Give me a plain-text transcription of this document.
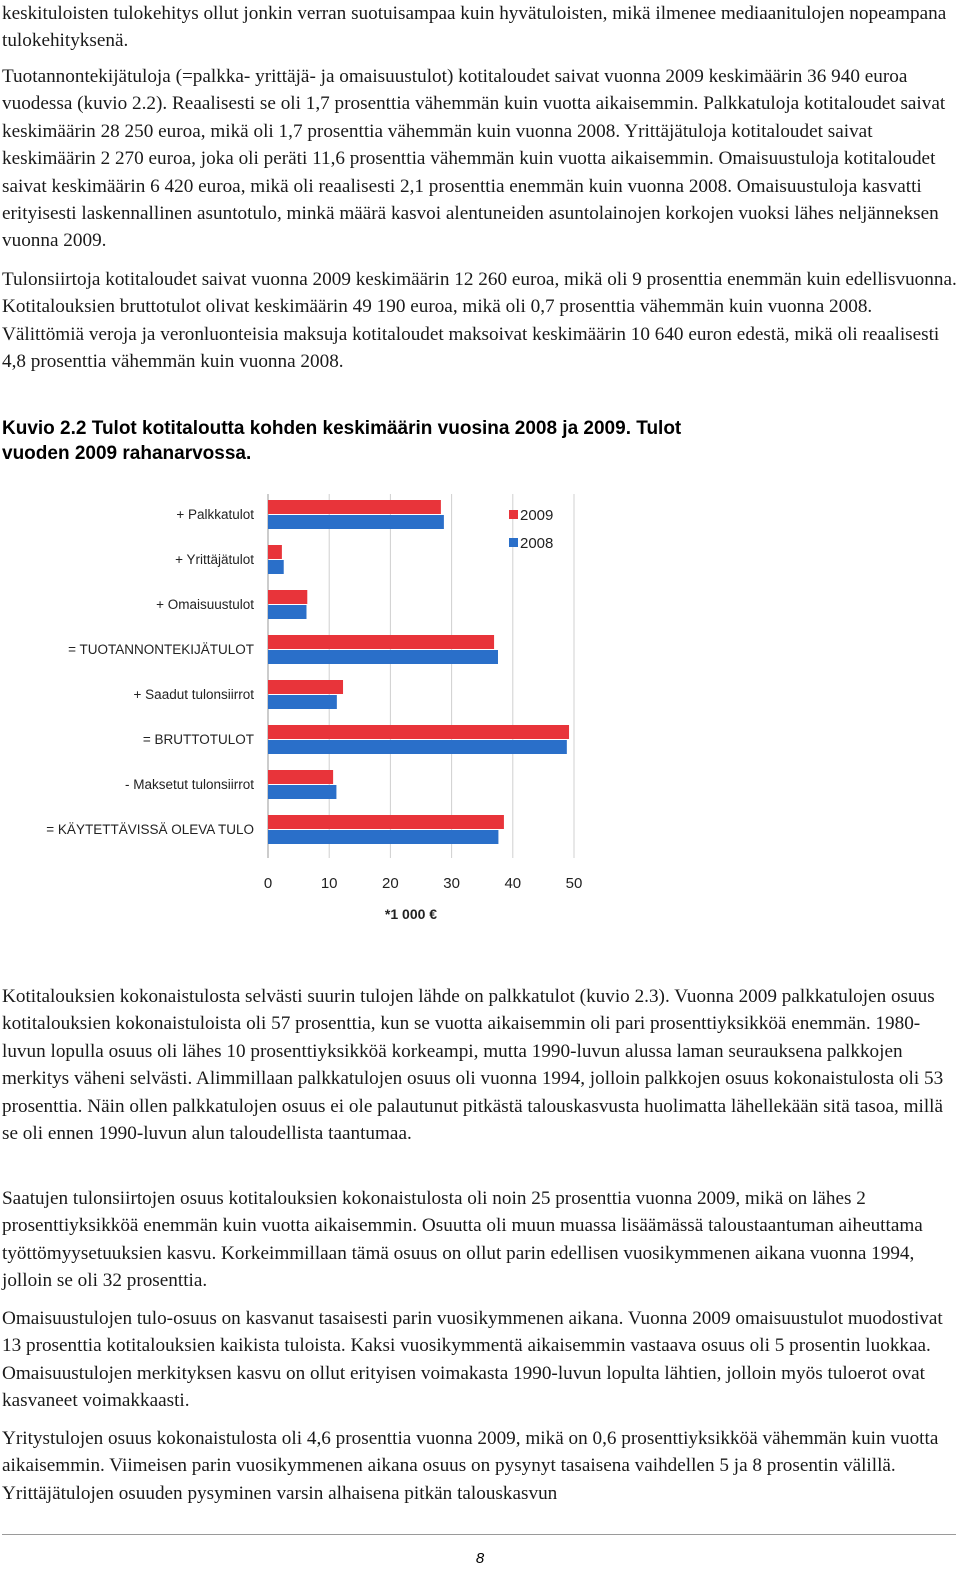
keskituloisten tulokehitys ollut jonkin verran suotuisampaa kuin hyvätuloisten, mikä ilmenee mediaanitulojen nopeampana tulokehityksenä.

Tuotannontekijätuloja (=palkka- yrittäjä- ja omaisuustulot) kotitaloudet saivat vuonna 2009 keskimäärin 36 940 euroa vuodessa (kuvio 2.2). Reaalisesti se oli 1,7 prosenttia vähemmän kuin vuotta aikaisemmin. Palkkatuloja kotitaloudet saivat keskimäärin 28 250 euroa, mikä oli 1,7 prosenttia vähemmän kuin vuonna 2008. Yrittäjätuloja kotitaloudet saivat keskimäärin 2 270 euroa, joka oli peräti 11,6 prosenttia vähemmän kuin vuotta aikaisemmin. Omaisuustuloja kotitaloudet saivat keskimäärin 6 420 euroa, mikä oli reaalisesti 2,1 prosenttia enemmän kuin vuonna 2008. Omaisuustuloja kasvatti erityisesti laskennallinen asuntotulo, minkä määrä kasvoi alentuneiden asuntolainojen korkojen vuoksi lähes neljänneksen vuonna 2009.

Tulonsiirtoja kotitaloudet saivat vuonna 2009 keskimäärin 12 260 euroa, mikä oli 9 prosenttia enemmän kuin edellisvuonna. Kotitalouksien bruttotulot olivat keskimäärin 49 190 euroa, mikä oli 0,7 prosenttia vähemmän kuin vuonna 2008. Välittömiä veroja ja veronluonteisia maksuja kotitaloudet maksoivat keskimäärin 10 640 euron edestä, mikä oli reaalisesti 4,8 prosenttia vähemmän kuin vuonna 2008.

Kuvio 2.2 Tulot kotitaloutta kohden keskimäärin vuosina 2008 ja 2009. Tulot vuoden 2009 rahanarvossa.

+ Palkkatulot
+ Yrittäjätulot
+ Omaisuustulot
= TUOTANNONTEKIJÄTULOT
+ Saadut tulonsiirrot
= BRUTTOTULOT
- Maksetut tulonsiirrot
= KÄYTETTÄVISSÄ OLEVA TULO
0	10	20	30	40	50
2009
2008
*1 000 €

Kotitalouksien kokonaistulosta selvästi suurin tulojen lähde on palkkatulot (kuvio 2.3). Vuonna 2009 palkkatulojen osuus kotitalouksien kokonaistuloista oli 57 prosenttia, kun se vuotta aikaisemmin oli pari prosenttiyksikköä enemmän. 1980-luvun lopulla osuus oli lähes 10 prosenttiyksikköä korkeampi, mutta 1990-luvun alussa laman seurauksena palkkojen merkitys väheni selvästi. Alimmillaan palkkatulojen osuus oli vuonna 1994, jolloin palkkojen osuus kokonaistulosta oli 53 prosenttia. Näin ollen palkkatulojen osuus ei ole palautunut pitkästä talouskasvusta huolimatta lähellekään sitä tasoa, millä se oli ennen 1990-luvun alun taloudellista taantumaa.

Saatujen tulonsiirtojen osuus kotitalouksien kokonaistulosta oli noin 25 prosenttia vuonna 2009, mikä on lähes 2 prosenttiyksikköä enemmän kuin vuotta aikaisemmin. Osuutta oli muun muassa lisäämässä taloustaantuman aiheuttama työttömyysetuuksien kasvu. Korkeimmillaan tämä osuus on ollut parin edellisen vuosikymmenen aikana vuonna 1994, jolloin se oli 32 prosenttia.

Omaisuustulojen tulo-osuus on kasvanut tasaisesti parin vuosikymmenen aikana. Vuonna 2009 omaisuustulot muodostivat 13 prosenttia kotitalouksien kaikista tuloista. Kaksi vuosikymmentä aikaisemmin vastaava osuus oli 5 prosentin luokkaa. Omaisuustulojen merkityksen kasvu on ollut erityisen voimakasta 1990-luvun lopulta lähtien, jolloin myös tuloerot ovat kasvaneet voimakkaasti.

Yritystulojen osuus kokonaistulosta oli 4,6 prosenttia vuonna 2009, mikä on 0,6 prosenttiyksikköä vähemmän kuin vuotta aikaisemmin. Viimeisen parin vuosikymmenen aikana osuus on pysynyt tasaisena vaihdellen 5 ja 8 prosentin välillä. Yrittäjätulojen osuuden pysyminen varsin alhaisena pitkän talouskasvun

8
